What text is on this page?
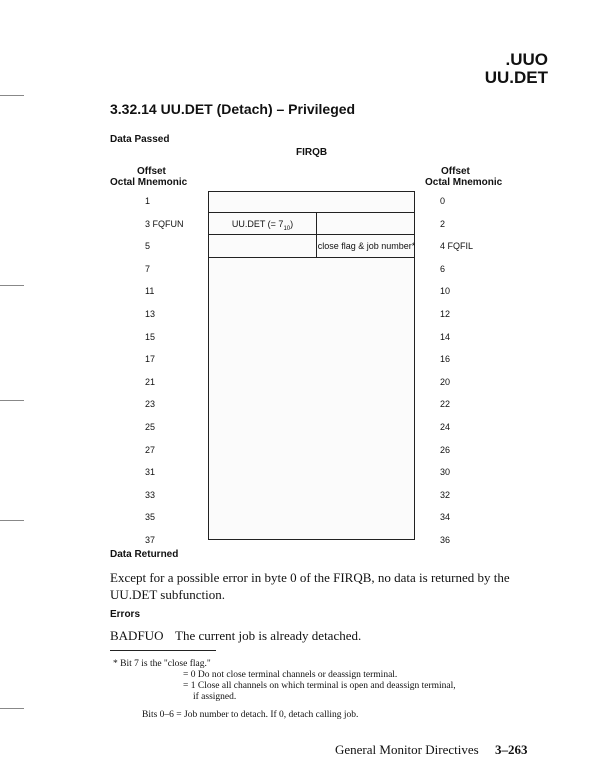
.UUO
UU.DET
3.32.14 UU.DET (Detach) – Privileged
Data Passed
FIRQB
Offset
Octal Mnemonic
Offset
Octal Mnemonic
1
3 FQFUN
5
7
11
13
15
17
21
23
25
27
31
33
35
37
0
2
4 FQFIL
6
10
12
14
16
20
22
24
26
30
32
34
36
UU.DET (= $7_{10}$)
close flag & job number*
Data Returned
Except for a possible error in byte 0 of the FIRQB, no data is returned by the UU.DET subfunction.
Errors
BADFUO The current job is already detached.
* Bit 7 is the "close flag."
= 0 Do not close terminal channels or deassign terminal.
= 1 Close all channels on which terminal is open and deassign terminal,
if assigned.
Bits 0–6 = Job number to detach. If 0, detach calling job.
General Monitor Directives 3–263
